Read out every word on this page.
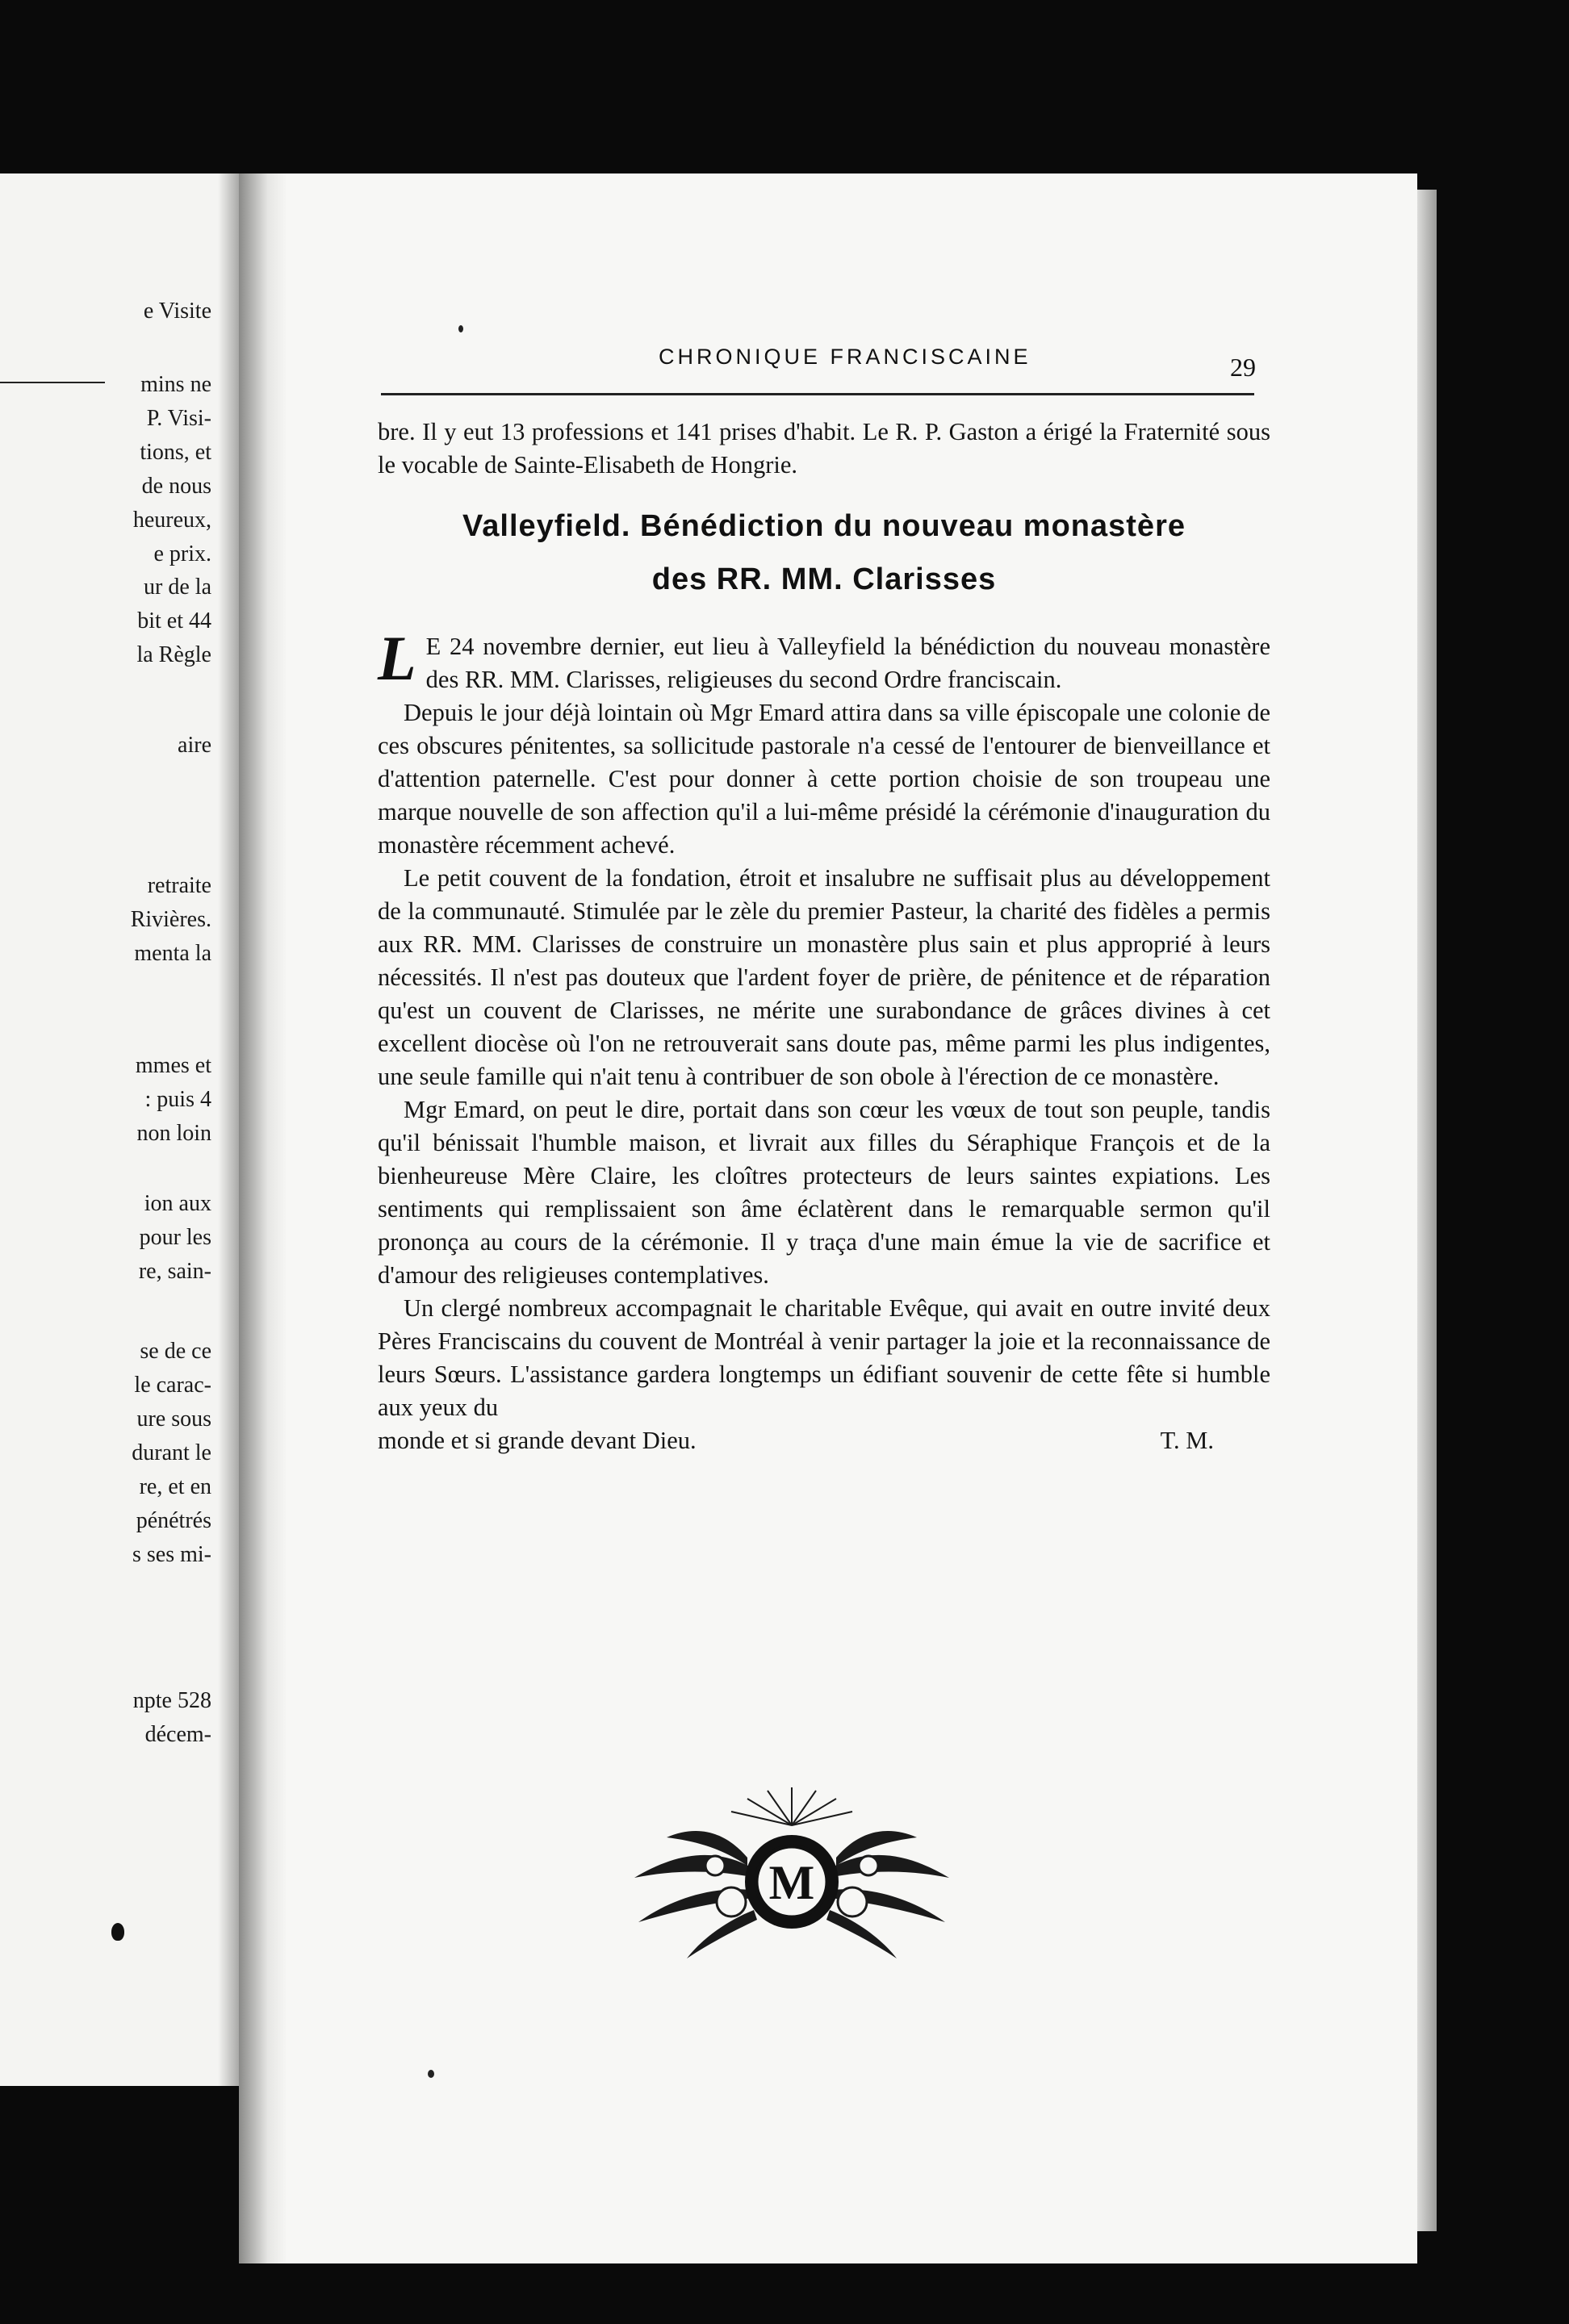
e Visite
mins ne
P. Visi-
tions, et
de nous
heureux,
e prix.
ur de la
bit et 44
la Règle
aire
retraite
Rivières.
menta la
mmes et
: puis 4
non loin
ion aux
pour les
re, sain-
se de ce
le carac-
ure sous
durant le
re, et en
pénétrés
s ses mi-
npte 528
décem-
CHRONIQUE FRANCISCAINE	29

bre. Il y eut 13 professions et 141 prises d'habit. Le R. P. Gaston a érigé la Fraternité sous le vocable de Sainte-Elisabeth de Hongrie.

Valleyfield. Bénédiction du nouveau monastère
des RR. MM. Clarisses

L E 24 novembre dernier, eut lieu à Valleyfield la bénédiction du nouveau monastère des RR. MM. Clarisses, religieuses du second Ordre franciscain.

Depuis le jour déjà lointain où Mgr Emard attira dans sa ville épiscopale une colonie de ces obscures pénitentes, sa sollicitude pastorale n'a cessé de l'entourer de bienveillance et d'attention paternelle. C'est pour donner à cette portion choisie de son troupeau une marque nouvelle de son affection qu'il a lui-même présidé la cérémonie d'inauguration du monastère récemment achevé.

Le petit couvent de la fondation, étroit et insalubre ne suffisait plus au développement de la communauté. Stimulée par le zèle du premier Pasteur, la charité des fidèles a permis aux RR. MM. Clarisses de construire un monastère plus sain et plus approprié à leurs nécessités. Il n'est pas douteux que l'ardent foyer de prière, de pénitence et de réparation qu'est un couvent de Clarisses, ne mérite une surabondance de grâces divines à cet excellent diocèse où l'on ne retrouverait sans doute pas, même parmi les plus indigentes, une seule famille qui n'ait tenu à contribuer de son obole à l'érection de ce monastère.

Mgr Emard, on peut le dire, portait dans son cœur les vœux de tout son peuple, tandis qu'il bénissait l'humble maison, et livrait aux filles du Séraphique François et de la bienheureuse Mère Claire, les cloîtres protecteurs de leurs saintes expiations. Les sentiments qui remplissaient son âme éclatèrent dans le remarquable sermon qu'il prononça au cours de la cérémonie. Il y traça d'une main émue la vie de sacrifice et d'amour des religieuses contemplatives.

Un clergé nombreux accompagnait le charitable Evêque, qui avait en outre invité deux Pères Franciscains du couvent de Montréal à venir partager la joie et la reconnaissance de leurs Sœurs. L'assistance gardera longtemps un édifiant souvenir de cette fête si humble aux yeux du

monde et si grande devant Dieu.	T. M.
M
